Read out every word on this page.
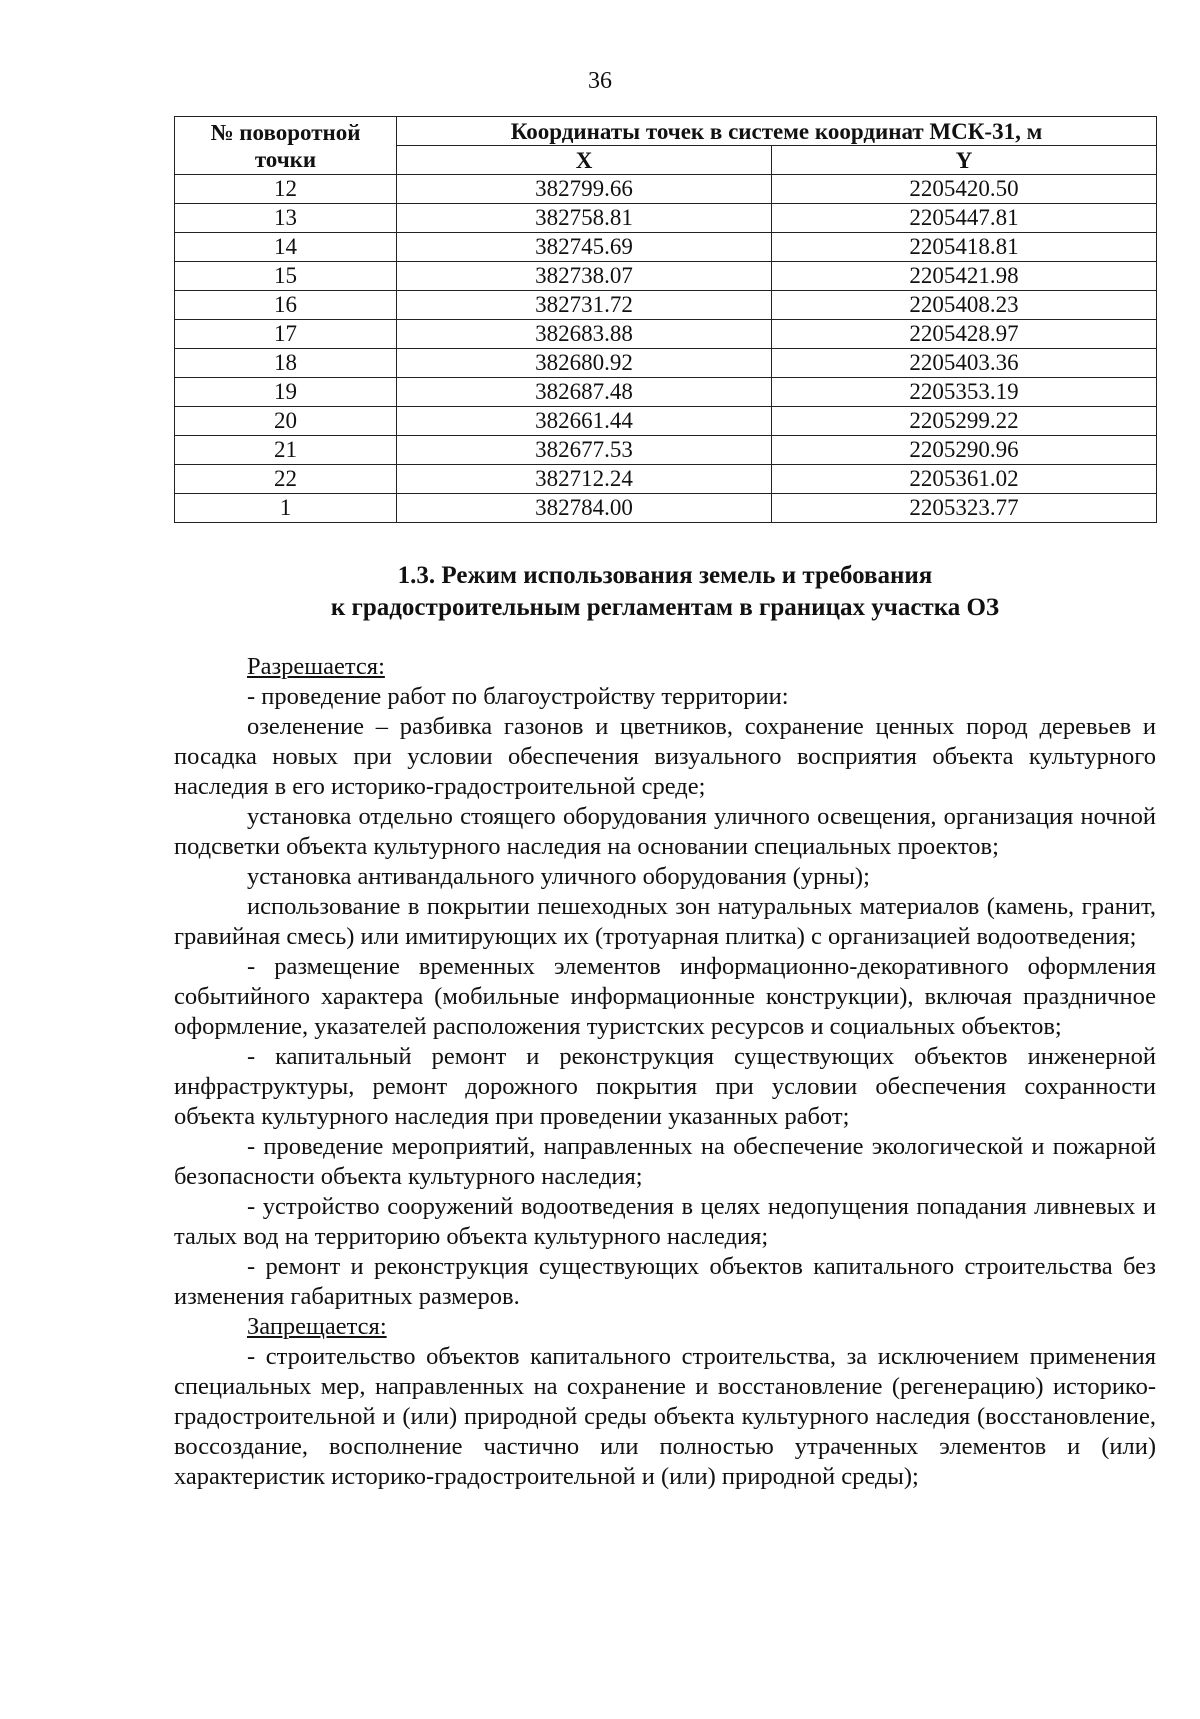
36
№ поворотной точки	Координаты точек в системе координат МСК-31, м	
	X	Y
12	382799.66	2205420.50
13	382758.81	2205447.81
14	382745.69	2205418.81
15	382738.07	2205421.98
16	382731.72	2205408.23
17	382683.88	2205428.97
18	382680.92	2205403.36
19	382687.48	2205353.19
20	382661.44	2205299.22
21	382677.53	2205290.96
22	382712.24	2205361.02
1	382784.00	2205323.77
1.3. Режим использования земель и требования
к градостроительным регламентам в границах участка ОЗ

Разрешается:

- проведение работ по благоустройству территории:

озеленение – разбивка газонов и цветников, сохранение ценных пород деревьев и посадка новых при условии обеспечения визуального восприятия объекта культурного наследия в его историко-градостроительной среде;

установка отдельно стоящего оборудования уличного освещения, организация ночной подсветки объекта культурного наследия на основании специальных проектов;

установка антивандального уличного оборудования (урны);

использование в покрытии пешеходных зон натуральных материалов (камень, гранит, гравийная смесь) или имитирующих их (тротуарная плитка) с организацией водоотведения;

- размещение временных элементов информационно-декоративного оформления событийного характера (мобильные информационные конструкции), включая праздничное оформление, указателей расположения туристских ресурсов и социальных объектов;

- капитальный ремонт и реконструкция существующих объектов инженерной инфраструктуры, ремонт дорожного покрытия при условии обеспечения сохранности объекта культурного наследия при проведении указанных работ;

- проведение мероприятий, направленных на обеспечение экологической и пожарной безопасности объекта культурного наследия;

- устройство сооружений водоотведения в целях недопущения попадания ливневых и талых вод на территорию объекта культурного наследия;

- ремонт и реконструкция существующих объектов капитального строительства без изменения габаритных размеров.

Запрещается:

- строительство объектов капитального строительства, за исключением применения специальных мер, направленных на сохранение и восстановление (регенерацию) историко-градостроительной и (или) природной среды объекта культурного наследия (восстановление, воссоздание, восполнение частично или полностью утраченных элементов и (или) характеристик историко-градостроительной и (или) природной среды);
